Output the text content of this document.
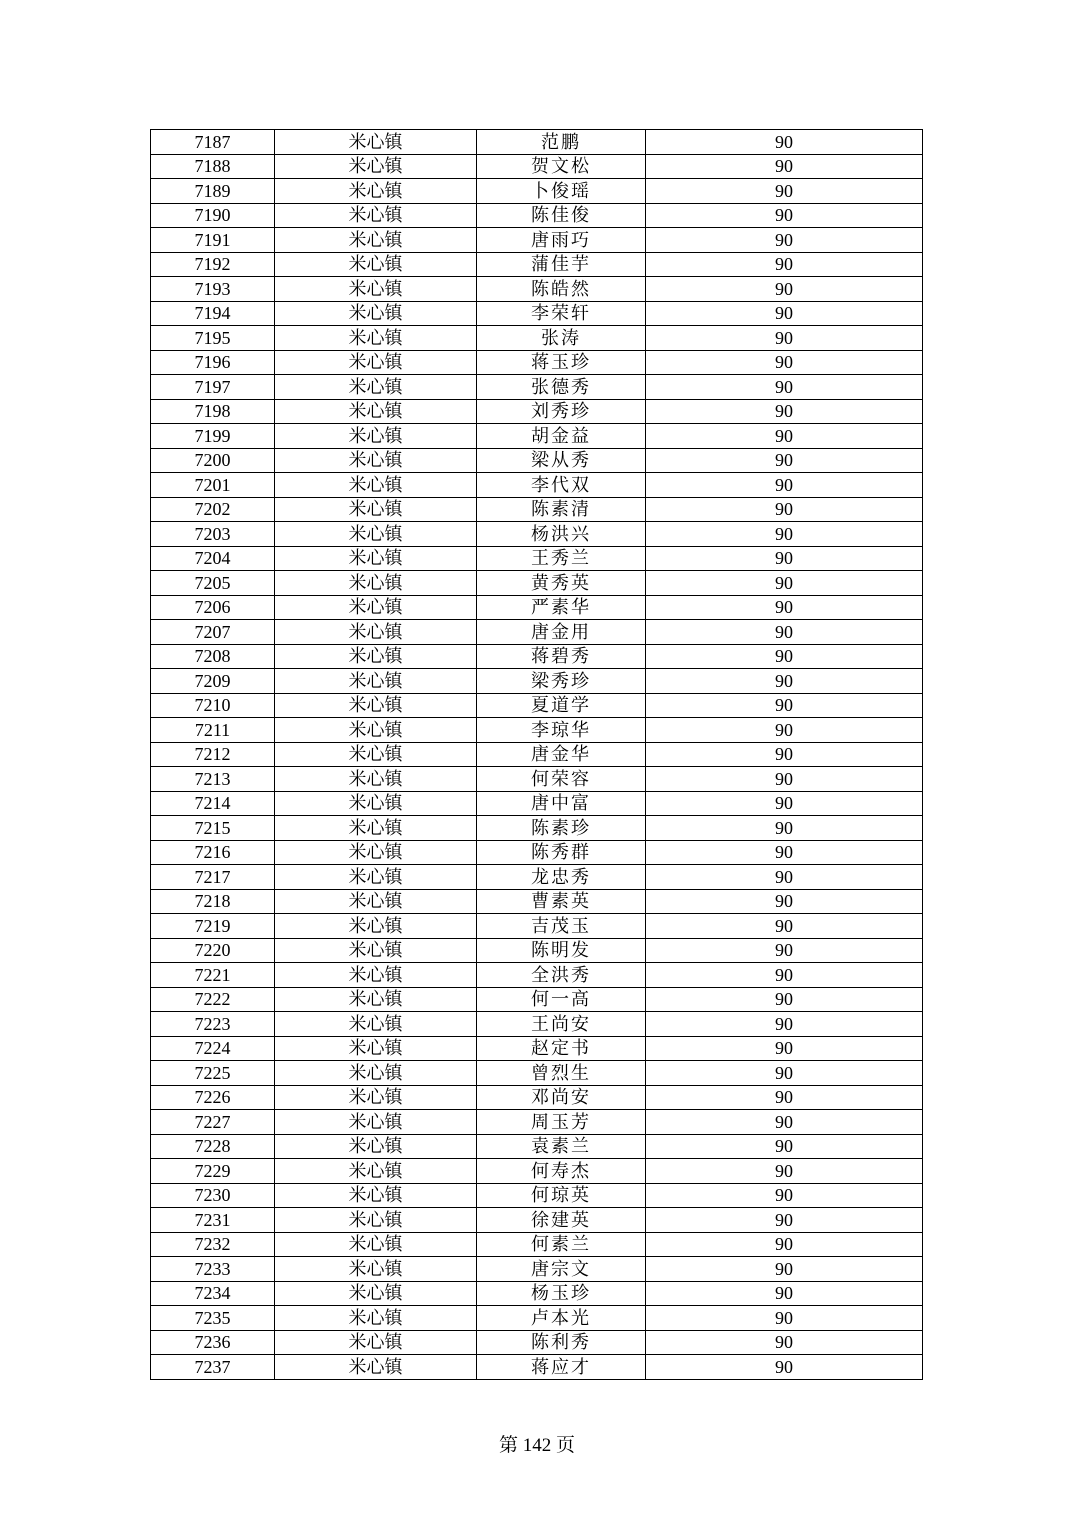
7187	米心镇	范鹏	90
7188	米心镇	贺文松	90
7189	米心镇	卜俊瑶	90
7190	米心镇	陈佳俊	90
7191	米心镇	唐雨巧	90
7192	米心镇	蒲佳芋	90
7193	米心镇	陈皓然	90
7194	米心镇	李荣轩	90
7195	米心镇	张涛	90
7196	米心镇	蒋玉珍	90
7197	米心镇	张德秀	90
7198	米心镇	刘秀珍	90
7199	米心镇	胡金益	90
7200	米心镇	梁从秀	90
7201	米心镇	李代双	90
7202	米心镇	陈素清	90
7203	米心镇	杨洪兴	90
7204	米心镇	王秀兰	90
7205	米心镇	黄秀英	90
7206	米心镇	严素华	90
7207	米心镇	唐金用	90
7208	米心镇	蒋碧秀	90
7209	米心镇	梁秀珍	90
7210	米心镇	夏道学	90
7211	米心镇	李琼华	90
7212	米心镇	唐金华	90
7213	米心镇	何荣容	90
7214	米心镇	唐中富	90
7215	米心镇	陈素珍	90
7216	米心镇	陈秀群	90
7217	米心镇	龙忠秀	90
7218	米心镇	曹素英	90
7219	米心镇	吉茂玉	90
7220	米心镇	陈明发	90
7221	米心镇	全洪秀	90
7222	米心镇	何一高	90
7223	米心镇	王尚安	90
7224	米心镇	赵定书	90
7225	米心镇	曾烈生	90
7226	米心镇	邓尚安	90
7227	米心镇	周玉芳	90
7228	米心镇	袁素兰	90
7229	米心镇	何寿杰	90
7230	米心镇	何琼英	90
7231	米心镇	徐建英	90
7232	米心镇	何素兰	90
7233	米心镇	唐宗文	90
7234	米心镇	杨玉珍	90
7235	米心镇	卢本光	90
7236	米心镇	陈利秀	90
7237	米心镇	蒋应才	90
第 142 页
